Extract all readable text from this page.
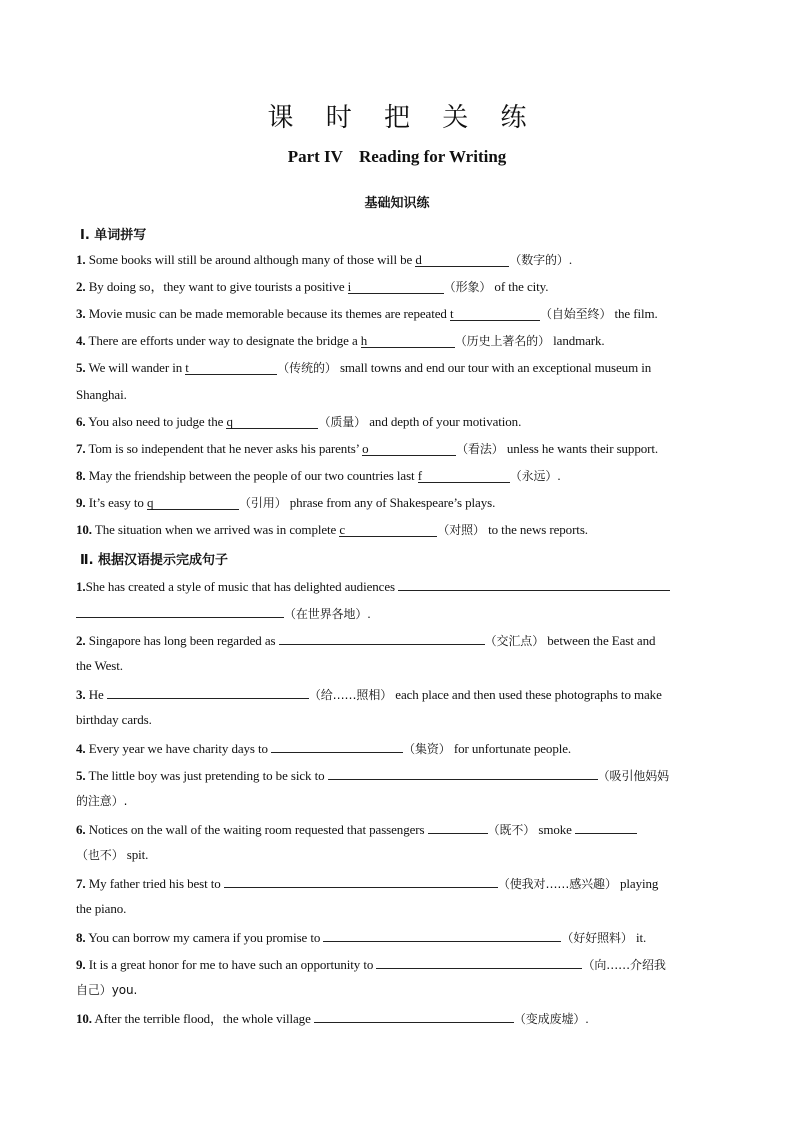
课 时 把 关 练
Part IV Reading for Writing
基础知识练
Ⅰ. 单词拼写
1. Some books will still be around although many of those will be d	（数字的）.
2. By doing so，they want to give tourists a positive i	（形象） of the city.
3. Movie music can be made memorable because its themes are repeated t	（自始至终） the film.
4. There are efforts under way to designate the bridge a h	（历史上著名的） landmark.
5. We will wander in t	（传统的） small towns and end our tour with an exceptional museum in
Shanghai.
6. You also need to judge the q	（质量） and depth of your motivation.
7. Tom is so independent that he never asks his parents’ o	（看法） unless he wants their support.
8. May the friendship between the people of our two countries last f	（永远）.
9. It’s easy to q	（引用） phrase from any of Shakespeare’s plays.
10. The situation when we arrived was in complete c	（对照） to the news reports.
Ⅱ. 根据汉语提示完成句子
1.She has created a style of music that has delighted audiences
（在世界各地）.
2. Singapore has long been regarded as	（交汇点） between the East and
the West.
3. He	（给……照相） each place and then used these photographs to make
birthday cards.
4. Every year we have charity days to	（集资） for unfortunate people.
5. The little boy was just pretending to be sick to	（吸引他妈妈
的注意）.
6. Notices on the wall of the waiting room requested that passengers	（既不） smoke
（也不） spit.
7. My father tried his best to	（使我对……感兴趣） playing
the piano.
8. You can borrow my camera if you promise to	（好好照料） it.
9. It is a great honor for me to have such an opportunity to	（向……介绍我
自己）you.
10. After the terrible flood，the whole village	（变成废墟）.
